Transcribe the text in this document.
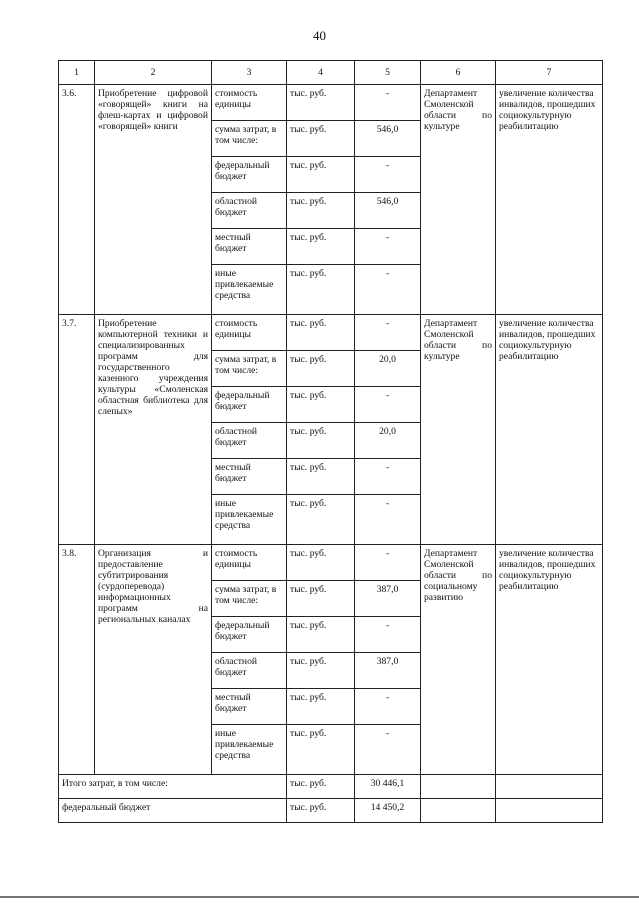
40
1	2	3	4	5	6	7
3.6.	Приобретение цифровой «говорящей» книги на флеш-картах и цифровой «говорящей» книги	стоимость единицы	тыс. руб.	-	Департамент Смоленской области по культуре	увеличение количества инвалидов, прошедших социокультурную реабилитацию
		сумма затрат, в том числе:	тыс. руб.	546,0		
		федеральный бюджет	тыс. руб.	-		
		областной бюджет	тыс. руб.	546,0		
		местный бюджет	тыс. руб.	-		
		иные привлекаемые средства	тыс. руб.	-		
3.7.	Приобретение компьютерной техники и специализированных программ для государственного казенного учреждения культуры «Смоленская областная библиотека для слепых»	стоимость единицы	тыс. руб.	-	Департамент Смоленской области по культуре	увеличение количества инвалидов, прошедших социокультурную реабилитацию
		сумма затрат, в том числе:	тыс. руб.	20,0		
		федеральный бюджет	тыс. руб.	-		
		областной бюджет	тыс. руб.	20,0		
		местный бюджет	тыс. руб.	-		
		иные привлекаемые средства	тыс. руб.	-		
3.8.	Организация и предоставление субтитрирования (сурдоперевода) информационных программ на региональных каналах	стоимость единицы	тыс. руб.	-	Департамент Смоленской области по социальному развитию	увеличение количества инвалидов, прошедших социокультурную реабилитацию
		сумма затрат, в том числе:	тыс. руб.	387,0		
		федеральный бюджет	тыс. руб.	-		
		областной бюджет	тыс. руб.	387,0		
		местный бюджет	тыс. руб.	-		
		иные привлекаемые средства	тыс. руб.	-		
Итого затрат, в том числе:			тыс. руб.	30 446,1		
федеральный бюджет			тыс. руб.	14 450,2		
